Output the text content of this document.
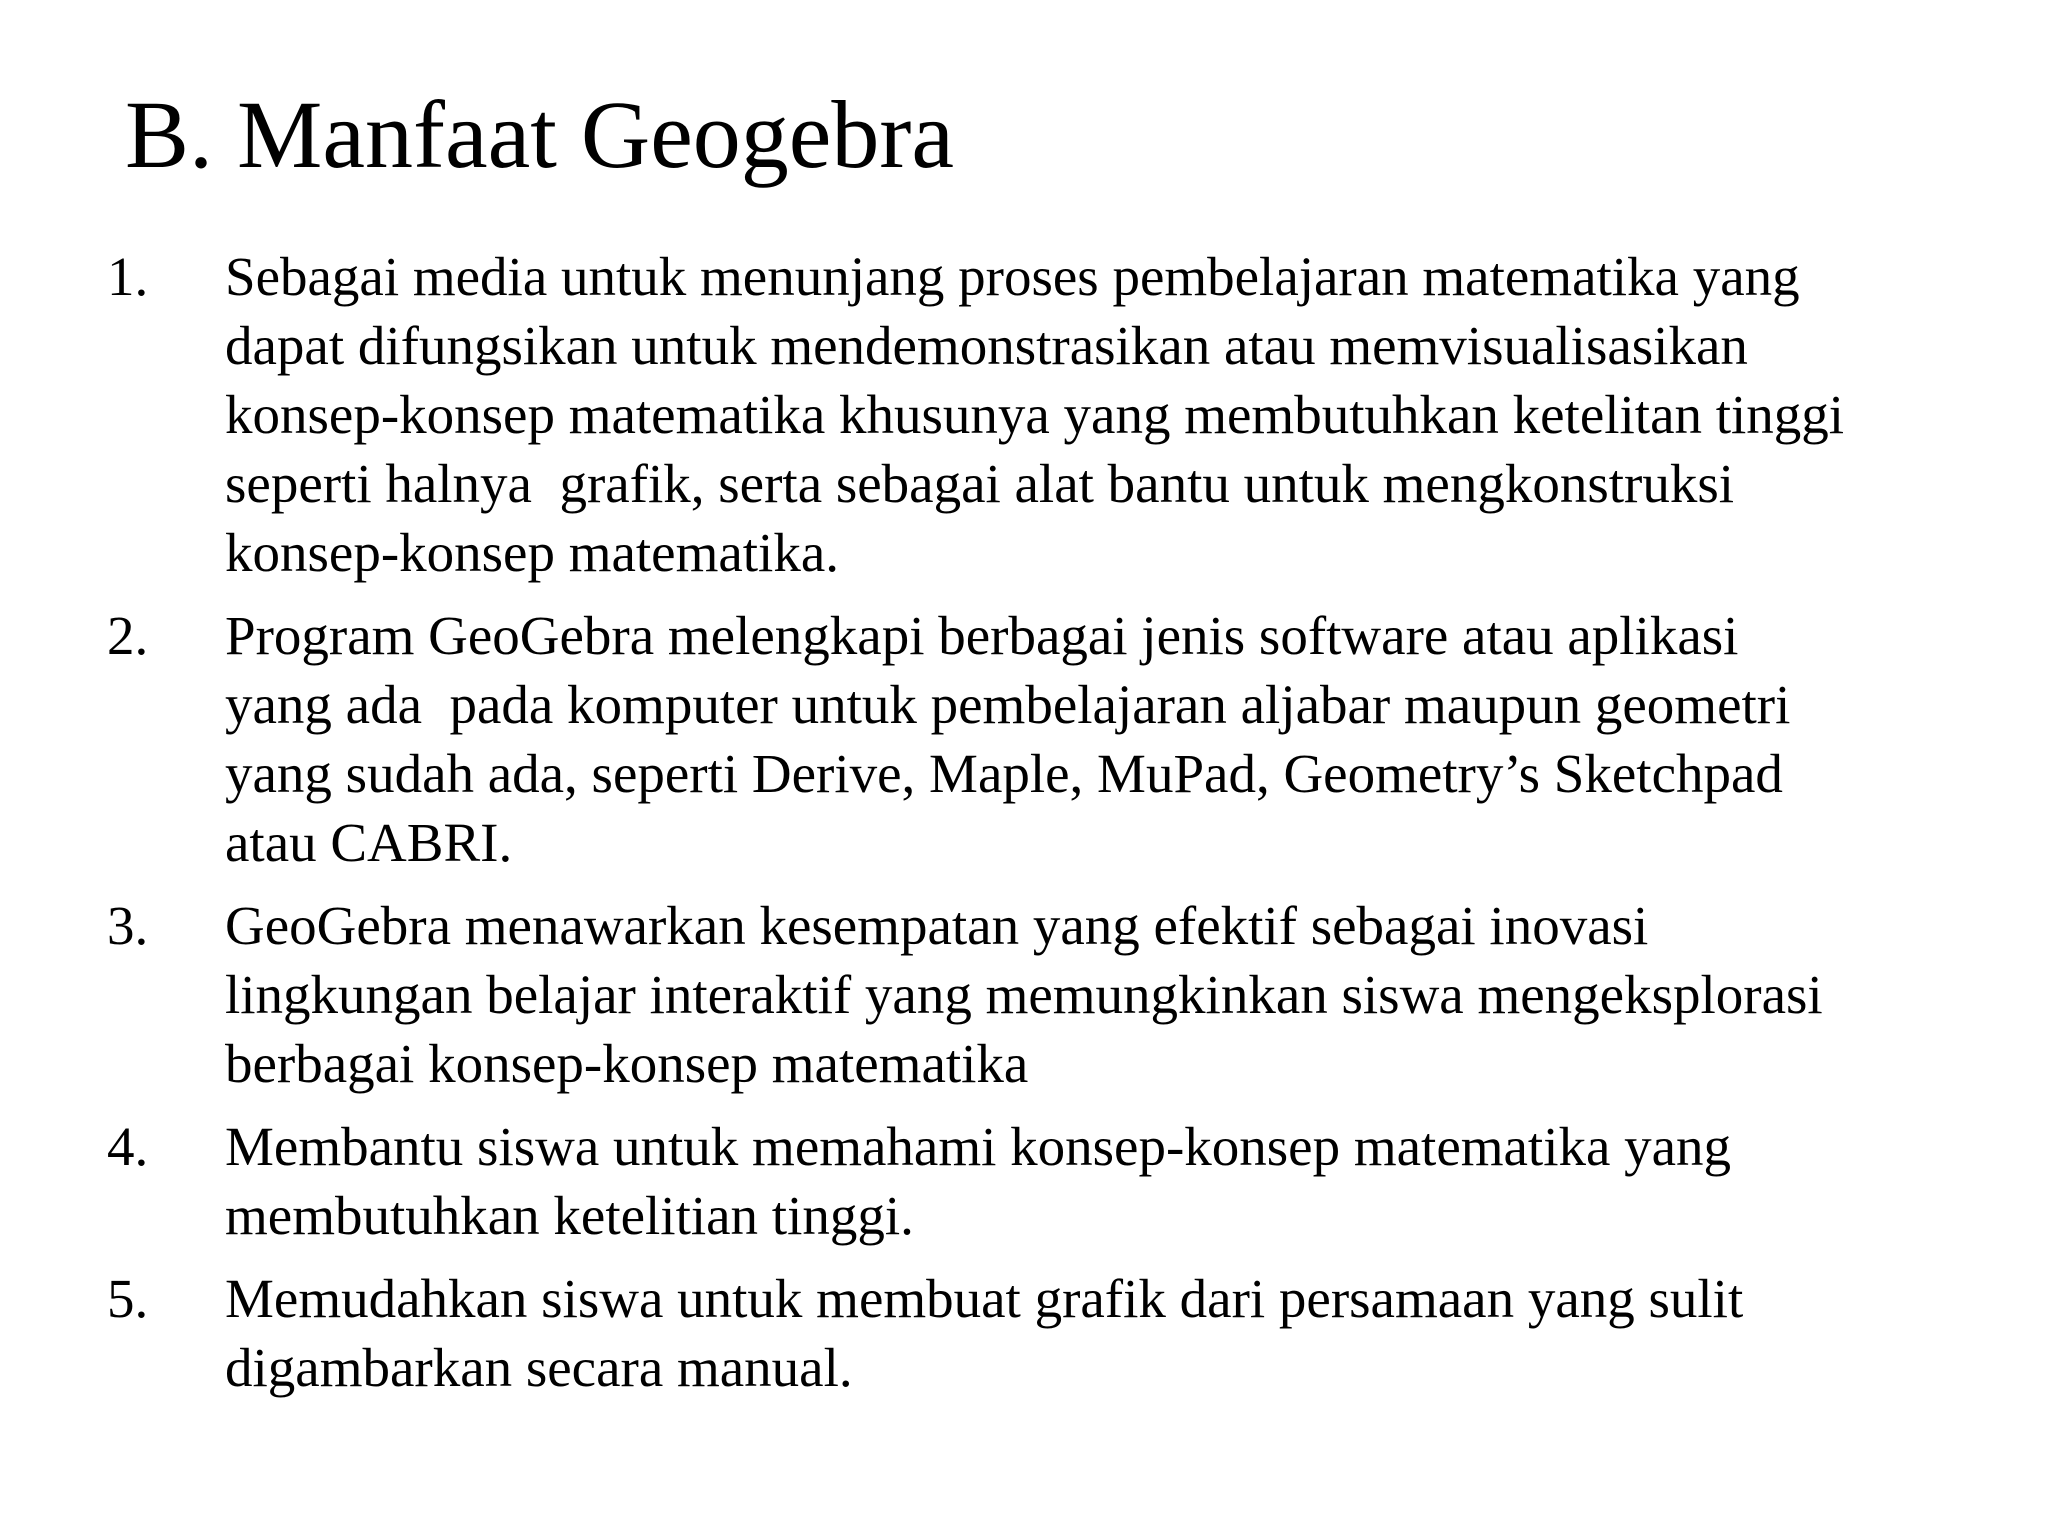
B. Manfaat Geogebra
1. Sebagai media untuk menunjang proses pembelajaran matematika yang
dapat difungsikan untuk mendemonstrasikan atau memvisualisasikan
konsep-konsep matematika khusunya yang membutuhkan ketelitan tinggi
seperti halnya  grafik, serta sebagai alat bantu untuk mengkonstruksi
konsep-konsep matematika.
2. Program GeoGebra melengkapi berbagai jenis software atau aplikasi
yang ada  pada komputer untuk pembelajaran aljabar maupun geometri
yang sudah ada, seperti Derive, Maple, MuPad, Geometry’s Sketchpad
atau CABRI.
3. GeoGebra menawarkan kesempatan yang efektif sebagai inovasi
lingkungan belajar interaktif yang memungkinkan siswa mengeksplorasi
berbagai konsep-konsep matematika
4. Membantu siswa untuk memahami konsep-konsep matematika yang
membutuhkan ketelitian tinggi.
5. Memudahkan siswa untuk membuat grafik dari persamaan yang sulit
digambarkan secara manual.
